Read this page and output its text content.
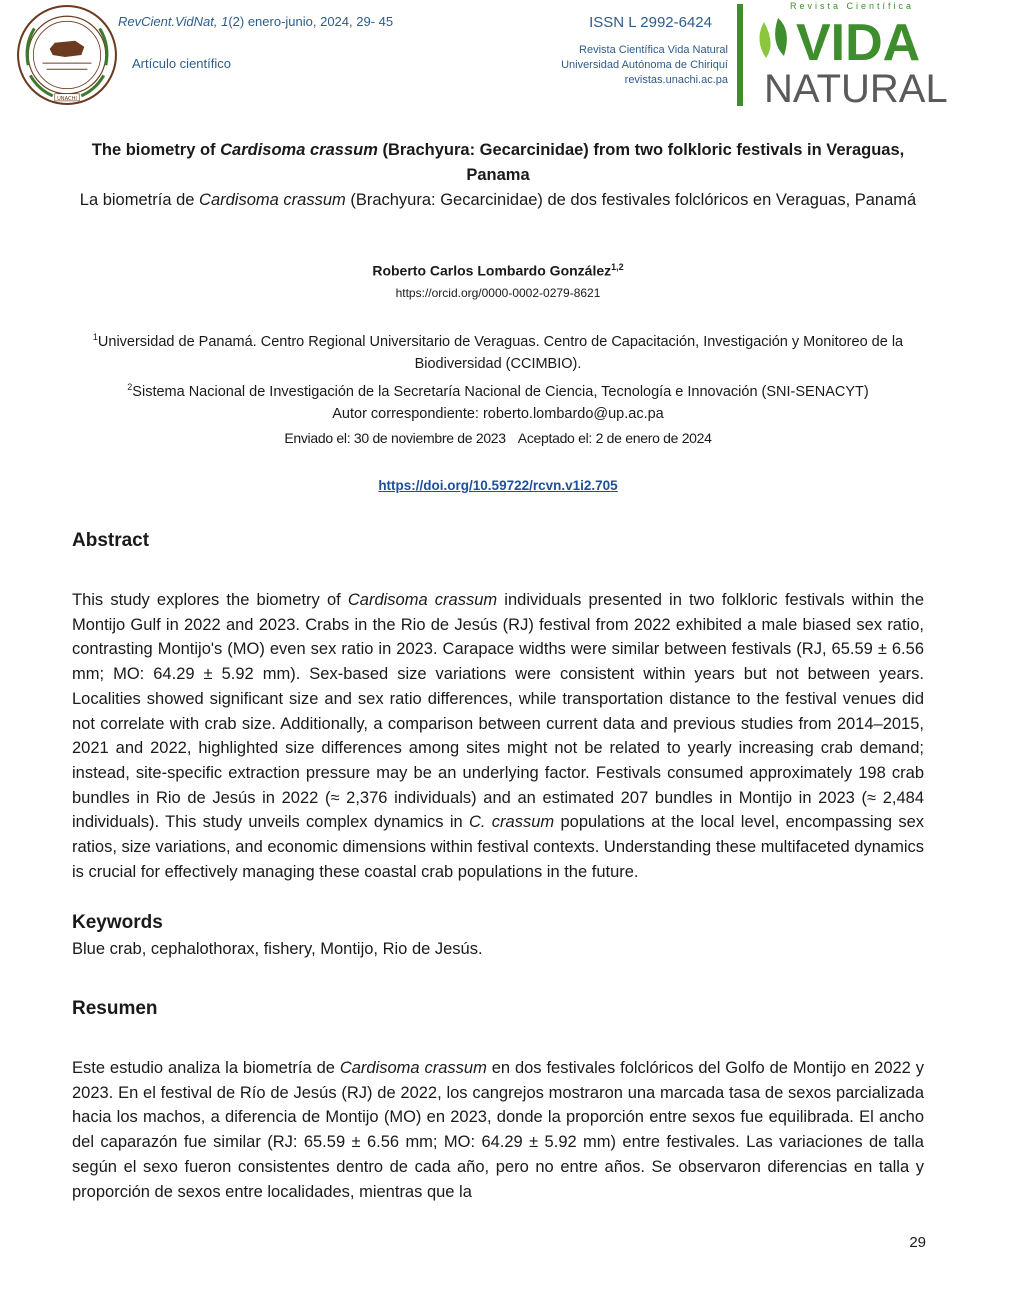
UNACHI
RevCient.VidNat, 1(2) enero-junio, 2024, 29- 45
Artículo científico
ISSN L 2992-6424
Revista Científica Vida Natural
Universidad Autónoma de Chiriquí
revistas.unachi.ac.pa
Revista Científica
VIDA
NATURAL
The biometry of Cardisoma crassum (Brachyura: Gecarcinidae) from two folkloric festivals in Veraguas, Panama
La biometría de Cardisoma crassum (Brachyura: Gecarcinidae) de dos festivales folclóricos en Veraguas, Panamá
Roberto Carlos Lombardo González$^{1,2}$
https://orcid.org/0000-0002-0279-8621
$^1$Universidad de Panamá. Centro Regional Universitario de Veraguas. Centro de Capacitación, Investigación y Monitoreo de la Biodiversidad (CCIMBIO).
$^2$Sistema Nacional de Investigación de la Secretaría Nacional de Ciencia, Tecnología e Innovación (SNI-SENACYT)
Autor correspondiente: roberto.lombardo@up.ac.pa
Enviado el: 30 de noviembre de 2023 Aceptado el: 2 de enero de 2024
https://doi.org/10.59722/rcvn.v1i2.705
Abstract
This study explores the biometry of Cardisoma crassum individuals presented in two folkloric festivals within the Montijo Gulf in 2022 and 2023. Crabs in the Rio de Jesús (RJ) festival from 2022 exhibited a male biased sex ratio, contrasting Montijo's (MO) even sex ratio in 2023. Carapace widths were similar between festivals (RJ, 65.59 ± 6.56 mm; MO: 64.29 ± 5.92 mm). Sex-based size variations were consistent within years but not between years. Localities showed significant size and sex ratio differences, while transportation distance to the festival venues did not correlate with crab size. Additionally, a comparison between current data and previous studies from 2014–2015, 2021 and 2022, highlighted size differences among sites might not be related to yearly increasing crab demand; instead, site-specific extraction pressure may be an underlying factor. Festivals consumed approximately 198 crab bundles in Rio de Jesús in 2022 (≈ 2,376 individuals) and an estimated 207 bundles in Montijo in 2023 (≈ 2,484 individuals). This study unveils complex dynamics in C. crassum populations at the local level, encompassing sex ratios, size variations, and economic dimensions within festival contexts. Understanding these multifaceted dynamics is crucial for effectively managing these coastal crab populations in the future.
Keywords
Blue crab, cephalothorax, fishery, Montijo, Rio de Jesús.
Resumen
Este estudio analiza la biometría de Cardisoma crassum en dos festivales folclóricos del Golfo de Montijo en 2022 y 2023. En el festival de Río de Jesús (RJ) de 2022, los cangrejos mostraron una marcada tasa de sexos parcializada hacia los machos, a diferencia de Montijo (MO) en 2023, donde la proporción entre sexos fue equilibrada. El ancho del caparazón fue similar (RJ: 65.59 ± 6.56 mm; MO: 64.29 ± 5.92 mm) entre festivales. Las variaciones de talla según el sexo fueron consistentes dentro de cada año, pero no entre años. Se observaron diferencias en talla y proporción de sexos entre localidades, mientras que la
29
